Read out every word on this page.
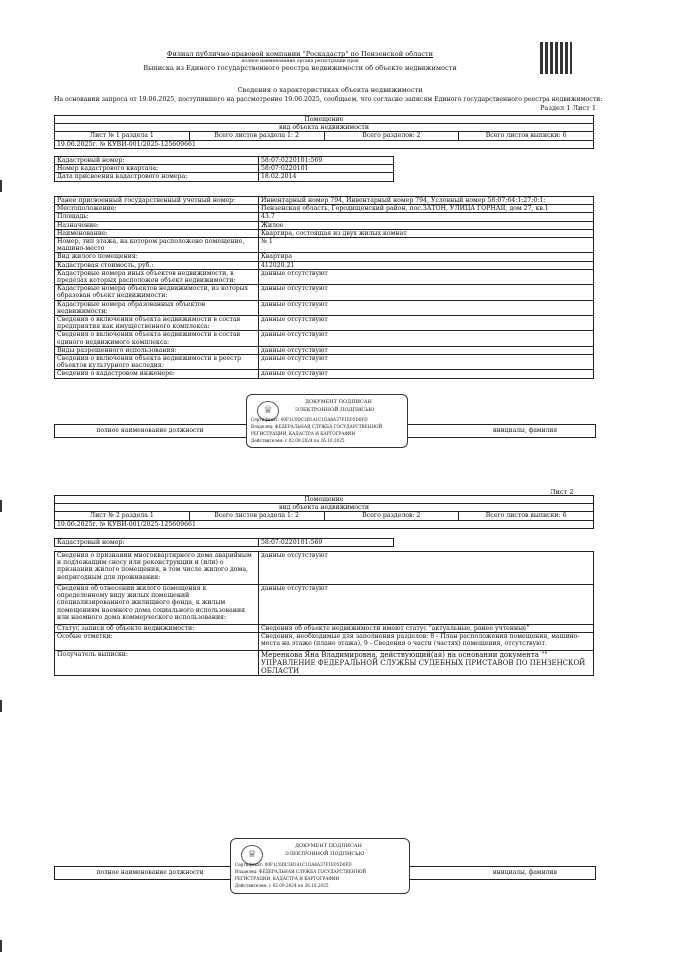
Филиал публично-правовой компании "Роскадастр" по Пензенской области
полное наименование органа регистрации прав
Выписка из Единого государственного реестра недвижимости об объекте недвижимости
Сведения о характеристиках объекта недвижимости
На основании запроса от 19.06.2025, поступившего на рассмотрение 19.06.2025, сообщаем, что согласно записям Единого государственного реестра недвижимости:
Раздел 1 Лист 1
Помещение
вид объекта недвижимости
Лист № 1 раздела 1	Всего листов раздела 1: 2	Всего разделов: 2	Всего листов выписки: 6
19.06.2025г. № КУВИ-001/2025-125609661
Кадастровый номер:	58:07:0220101:569
Номер кадастрового квартала:	58:07:0220101
Дата присвоения кадастрового номера:	18.02.2014
Ранее присвоенный государственный учетный номер:	Инвентарный номер 794, Инвентарный номер 794, Условный номер 58:07:64:1:27:0:1:
Местоположение:	Пензенская область, Городищенский район, пос.ЗАТОН, УЛИЦА ГОРНАЯ, дом 27, кв.1
Площадь:	43.7
Назначение:	Жилое
Наименование:	Квартира, состоящая из двух жилых комнат
Номер, тип этажа, на котором расположено помещение, машино-место	№ 1
Вид жилого помещения:	Квартира
Кадастровая стоимость, руб.:	412020.21
Кадастровые номера иных объектов недвижимости, в пределах которых расположен объект недвижимости:	данные отсутствуют
Кадастровые номера объектов недвижимости, из которых образован объект недвижимости:	данные отсутствуют
Кадастровые номера образованных объектов недвижимости:	данные отсутствуют
Сведения о включении объекта недвижимости в состав предприятия как имущественного комплекса:	данные отсутствуют
Сведения о включении объекта недвижимости в состав единого недвижимого комплекса:	данные отсутствуют
Виды разрешенного использования:	данные отсутствуют
Сведения о включении объекта недвижимости в реестр объектов культурного наследия:	данные отсутствуют
Сведения о кадастровом инженере:	данные отсутствуют
полное наименование должности	инициалы, фамилия
♕
ДОКУМЕНТ ПОДПИСАН
ЭЛЕКТРОННОЙ ПОДПИСЬЮ
Сертификат: 00F1C0DC3B1A1C1DA8A37F1E05D0FD
Владелец: ФЕДЕРАЛЬНАЯ СЛУЖБА ГОСУДАРСТВЕННОЙ
РЕГИСТРАЦИИ, КАДАСТРА И КАРТОГРАФИИ
Действителен: с 02.09.2024 по 26.10.2025
Лист 2
Помещение
вид объекта недвижимости
Лист № 2 раздела 1	Всего листов раздела 1: 2	Всего разделов: 2	Всего листов выписки: 6
19.06.2025г. № КУВИ-001/2025-125609661
Кадастровый номер:	58:07:0220101:569
Сведения о признании многоквартирного дома аварийным и подлежащим сносу или реконструкции и (или) о признании жилого помещения, в том числе жилого дома, непригодным для проживания:	данные отсутствуют
Сведения об отнесении жилого помещения к определенному виду жилых помещений специализированного жилищного фонда, к жилым помещениям наемного дома социального использования или наемного дома коммерческого использования:	данные отсутствуют
Статус записи об объекте недвижимости:	Сведения об объекте недвижимости имеют статус "актуальные, ранее учтенные"
Особые отметки:	Сведения, необходимые для заполнения разделов: 8 - План расположения помещения, машино-места на этаже (плане этажа), 9 - Сведения о части (частях) помещения, отсутствуют.
Получатель выписки:	Меренкова Яна Владимировна, действующий(ая) на основании документа "" УПРАВЛЕНИЕ ФЕДЕРАЛЬНОЙ СЛУЖБЫ СУДЕБНЫХ ПРИСТАВОВ ПО ПЕНЗЕНСКОЙ ОБЛАСТИ
полное наименование должности	инициалы, фамилия
♕
ДОКУМЕНТ ПОДПИСАН
ЭЛЕКТРОННОЙ ПОДПИСЬЮ
Сертификат: 00F1C0DC3B1A1C1DA8A37F1E05D0FD
Владелец: ФЕДЕРАЛЬНАЯ СЛУЖБА ГОСУДАРСТВЕННОЙ
РЕГИСТРАЦИИ, КАДАСТРА И КАРТОГРАФИИ
Действителен: с 02.09.2024 по 26.10.2025
